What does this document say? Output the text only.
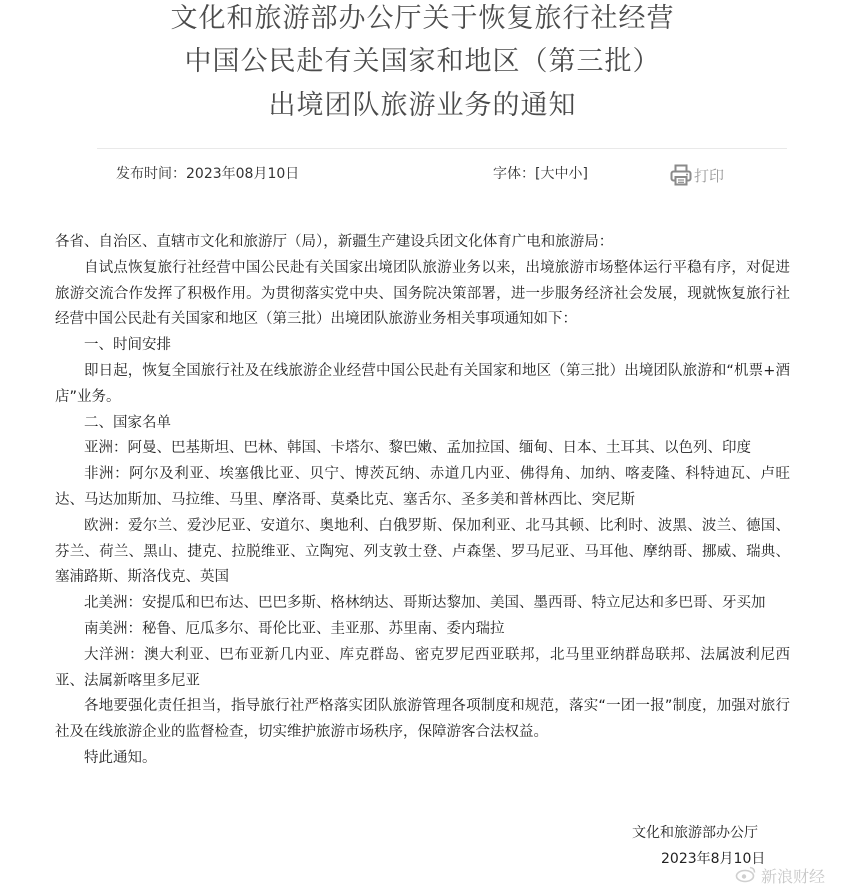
文化和旅游部办公厅关于恢复旅行社经营
中国公民赴有关国家和地区（第三批）
出境团队旅游业务的通知
发布时间：2023年08月10日	字体：[大中小]	打印

各省、自治区、直辖市文化和旅游厅（局），新疆生产建设兵团文化体育广电和旅游局：

自试点恢复旅行社经营中国公民赴有关国家出境团队旅游业务以来，出境旅游市场整体运行平稳有序，对促进旅游交流合作发挥了积极作用。为贯彻落实党中央、国务院决策部署，进一步服务经济社会发展，现就恢复旅行社经营中国公民赴有关国家和地区（第三批）出境团队旅游业务相关事项通知如下：

一、时间安排

即日起，恢复全国旅行社及在线旅游企业经营中国公民赴有关国家和地区（第三批）出境团队旅游和“机票+酒店”业务。

二、国家名单

亚洲：阿曼、巴基斯坦、巴林、韩国、卡塔尔、黎巴嫩、孟加拉国、缅甸、日本、土耳其、以色列、印度

非洲：阿尔及利亚、埃塞俄比亚、贝宁、博茨瓦纳、赤道几内亚、佛得角、加纳、喀麦隆、科特迪瓦、卢旺达、马达加斯加、马拉维、马里、摩洛哥、莫桑比克、塞舌尔、圣多美和普林西比、突尼斯

欧洲：爱尔兰、爱沙尼亚、安道尔、奥地利、白俄罗斯、保加利亚、北马其顿、比利时、波黑、波兰、德国、芬兰、荷兰、黑山、捷克、拉脱维亚、立陶宛、列支敦士登、卢森堡、罗马尼亚、马耳他、摩纳哥、挪威、瑞典、塞浦路斯、斯洛伐克、英国

北美洲：安提瓜和巴布达、巴巴多斯、格林纳达、哥斯达黎加、美国、墨西哥、特立尼达和多巴哥、牙买加

南美洲：秘鲁、厄瓜多尔、哥伦比亚、圭亚那、苏里南、委内瑞拉

大洋洲：澳大利亚、巴布亚新几内亚、库克群岛、密克罗尼西亚联邦，北马里亚纳群岛联邦、法属波利尼西亚、法属新喀里多尼亚

各地要强化责任担当，指导旅行社严格落实团队旅游管理各项制度和规范，落实“一团一报”制度，加强对旅行社及在线旅游企业的监督检查，切实维护旅游市场秩序，保障游客合法权益。

特此通知。

文化和旅游部办公厅
2023年8月10日
新浪财经
